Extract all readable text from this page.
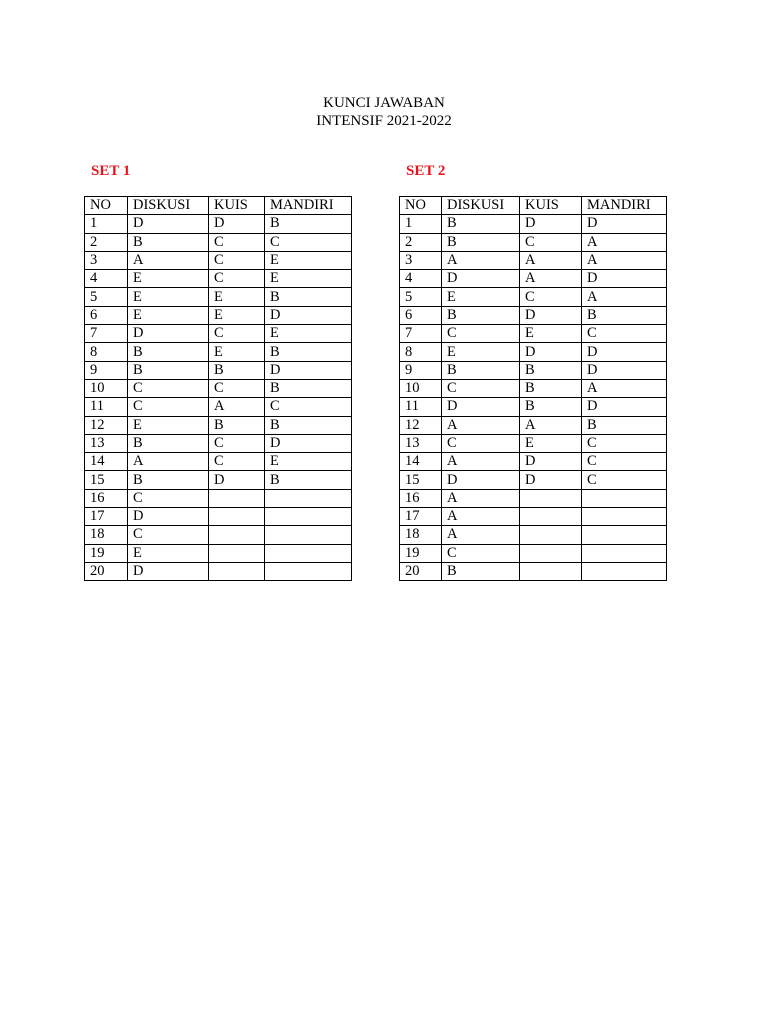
KUNCI JAWABAN
INTENSIF 2021-2022
SET 1	SET 2
NO	DISKUSI	KUIS	MANDIRI
1	D	D	B
2	B	C	C
3	A	C	E
4	E	C	E
5	E	E	B
6	E	E	D
7	D	C	E
8	B	E	B
9	B	B	D
10	C	C	B
11	C	A	C
12	E	B	B
13	B	C	D
14	A	C	E
15	B	D	B
16	C		
17	D		
18	C		
19	E		
20	D		
NO	DISKUSI	KUIS	MANDIRI
1	B	D	D
2	B	C	A
3	A	A	A
4	D	A	D
5	E	C	A
6	B	D	B
7	C	E	C
8	E	D	D
9	B	B	D
10	C	B	A
11	D	B	D
12	A	A	B
13	C	E	C
14	A	D	C
15	D	D	C
16	A		
17	A		
18	A		
19	C		
20	B		
